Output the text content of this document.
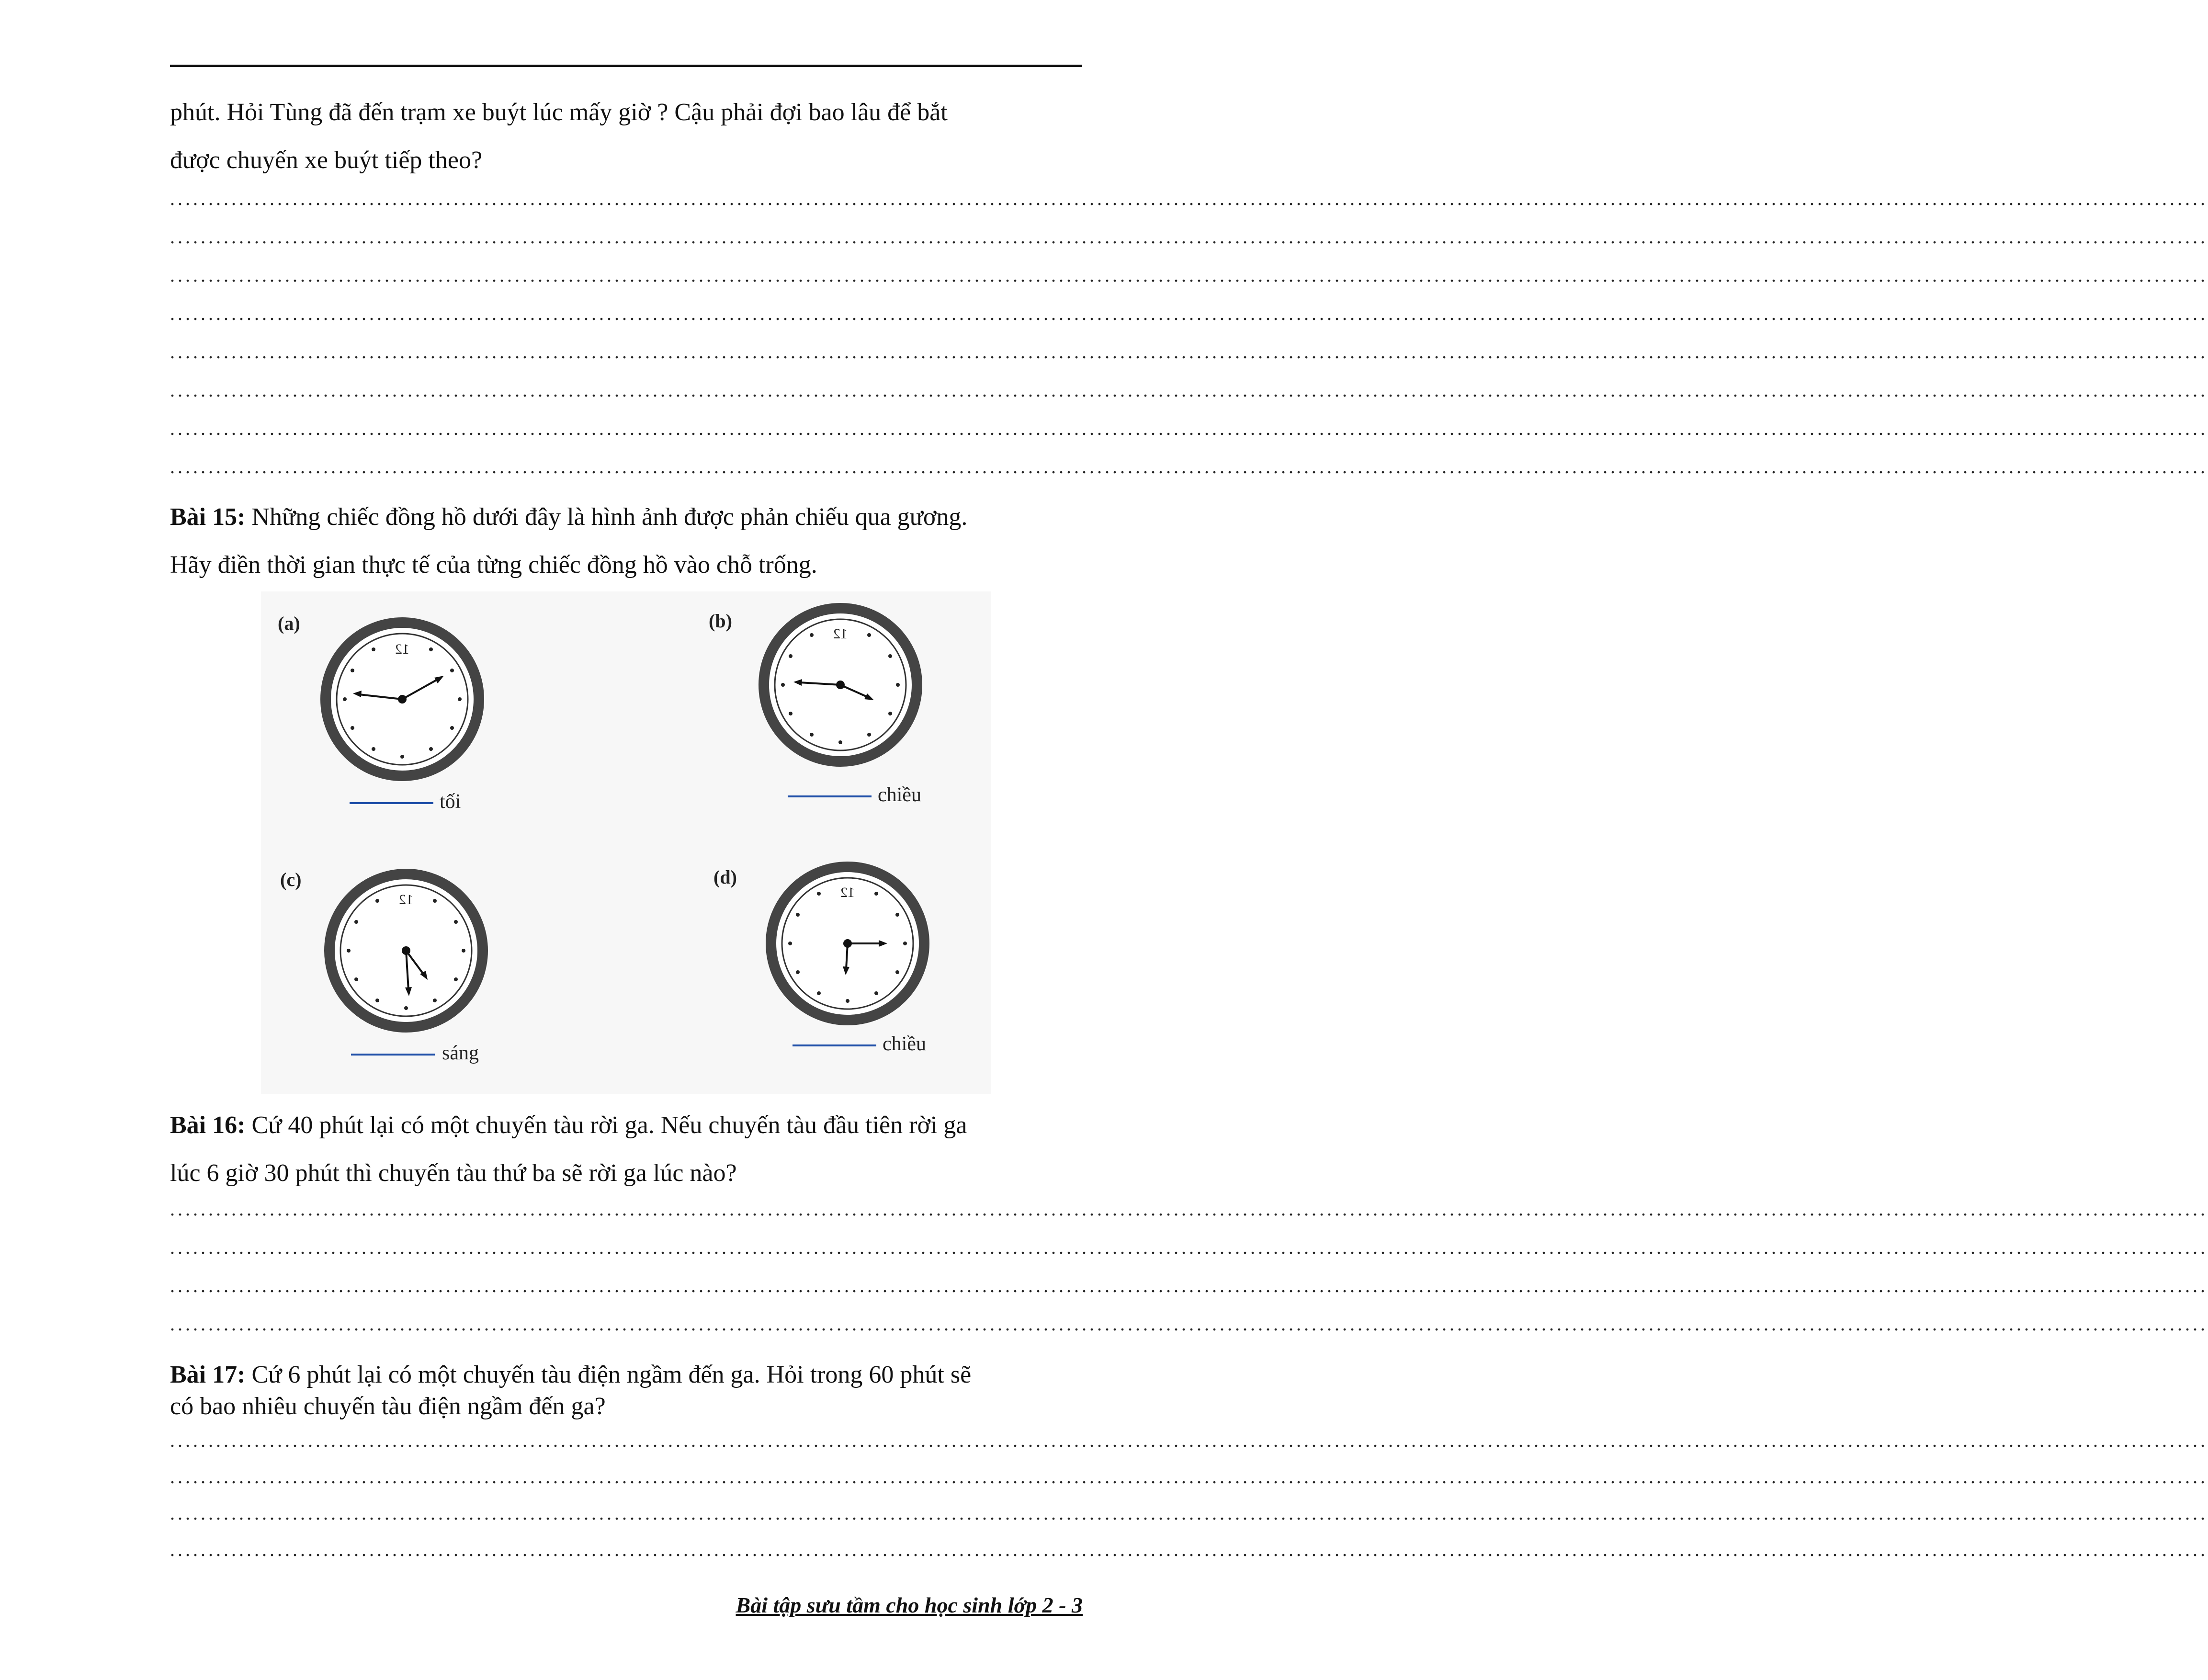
phút. Hỏi Tùng đã đến trạm xe buýt lúc mấy giờ ? Cậu phải đợi bao lâu để bắt

được chuyến xe buýt tiếp theo?

..........................................................................................................................................................................................................................................................................
..........................................................................................................................................................................................................................................................................
..........................................................................................................................................................................................................................................................................
..........................................................................................................................................................................................................................................................................
..........................................................................................................................................................................................................................................................................
..........................................................................................................................................................................................................................................................................
..........................................................................................................................................................................................................................................................................
..........................................................................................................................................................................................................................................................................

Bài 15: Những chiếc đồng hồ dưới đây là hình ảnh được phản chiếu qua gương.

Hãy điền thời gian thực tế của từng chiếc đồng hồ vào chỗ trống.

(a)
12
tối
(b)
12
chiều
(c)
12
sáng
(d)
12
chiều

Bài 16: Cứ 40 phút lại có một chuyến tàu rời ga. Nếu chuyến tàu đầu tiên rời ga

lúc 6 giờ 30 phút thì chuyến tàu thứ ba sẽ rời ga lúc nào?

..........................................................................................................................................................................................................................................................................
..........................................................................................................................................................................................................................................................................
..........................................................................................................................................................................................................................................................................
..........................................................................................................................................................................................................................................................................

Bài 17: Cứ 6 phút lại có một chuyến tàu điện ngầm đến ga. Hỏi trong 60 phút sẽ

có bao nhiêu chuyến tàu điện ngầm đến ga?

..........................................................................................................................................................................................................................................................................
..........................................................................................................................................................................................................................................................................
..........................................................................................................................................................................................................................................................................
..........................................................................................................................................................................................................................................................................
Bài tập sưu tầm cho học sinh lớp 2 - 3
